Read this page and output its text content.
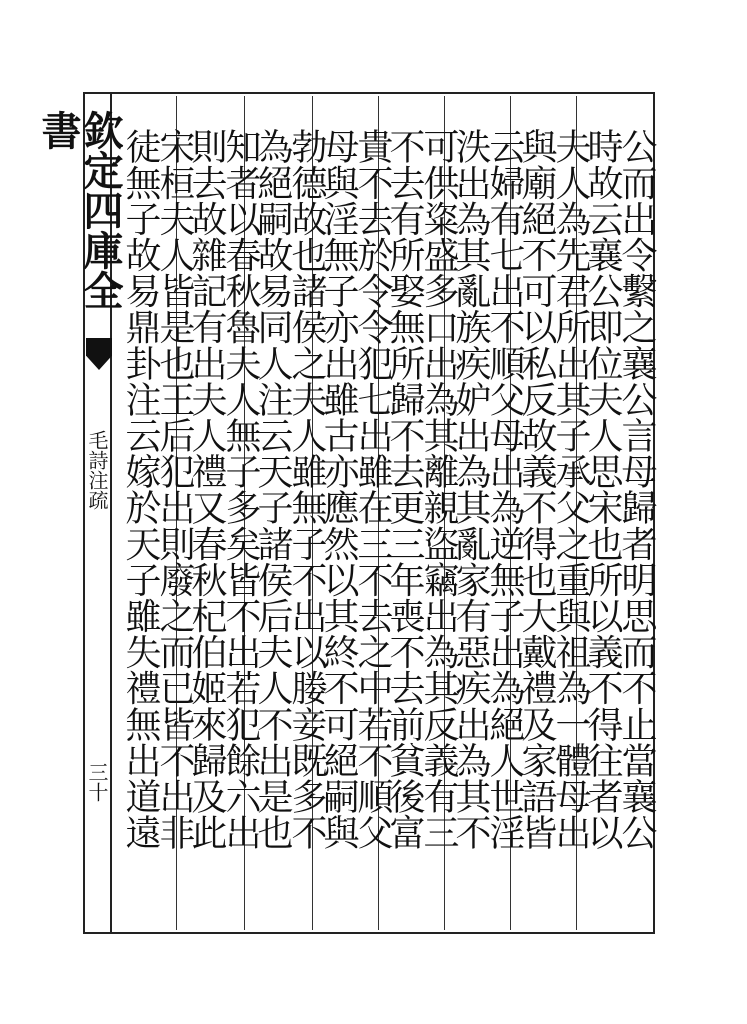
欽定四庫全書
毛詩注疏
三十	公而出令繫之襄公言母歸者明思而不止當襄公
時故云襄公即位夫人思宋也所以義不得往者以
夫人為先君所出其子承父之重與祖為一體母出
與廟絕不可以私反故義不得也大戴禮及家語皆
云婦有七出不順父母出為逆無子出為絕人世淫
泆出為其亂族疾妒出為其亂家有惡疾出為其不
可供粢盛多口出為其離親盜竊出為其反義有三
不去有所娶無所歸不去更三年喪不去前貧後富
貴不去於令令犯七出雖在三不去之中若不順父
母與淫無子亦出雖古亦應然以其終不可絕嗣與
勃德故也諸侯之夫人雖無子不出以媵妾既多不
為絕嗣故易同人注云天子諸侯后夫人不出是也
知者以春秋魯夫人無子多矣皆不出若犯餘六出
則去故雜記有出夫人禮又春秋杞伯姬來歸及此
宋桓夫人皆是也王后犯出則廢之而已皆不出非
徒無子故易鼎卦注云嫁於天子雖失禮無出道遠
